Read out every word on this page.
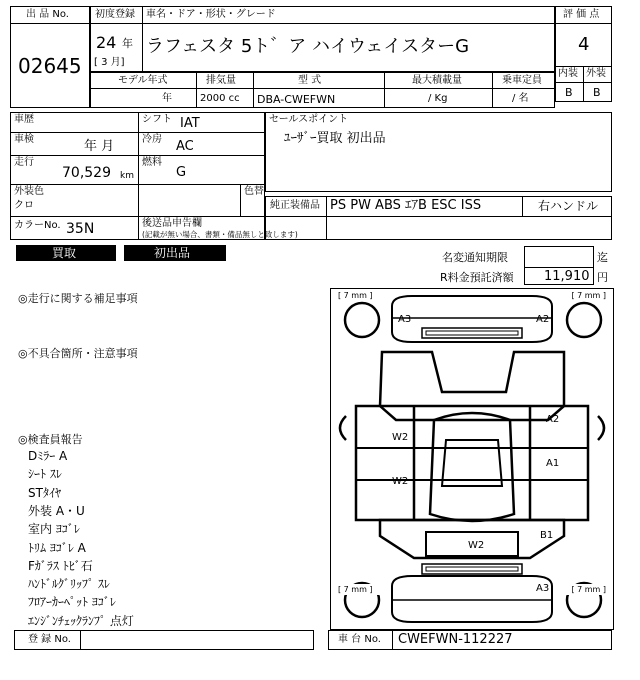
出 品 No.
02645
初度登録 車名・ドア・形状・グレード
24 年
[ 3 月]
ラフェスタ 5ト゛ア ハイウェイスターG
評 価 点
4
内装 外装
B B
モデル年式
年
排気量
2000 cc
型 式
DBA-CWEFWN
最大積載量
/ Kg
乗車定員
/ 名
車歴	シフト IAT
車検	年 月	冷房 AC
走行
70,529 km
燃料
G
外装色
クロ
色替
カラーNo. 35N	後送品申告欄
(記載が無い場合、書類・備品無しと致します)
セールスポイント
ﾕｰｻﾞｰ買取 初出品
純正装備品 PS PW ABS ｴｱB ESC ISS	右ハンドル
買取	初出品	名変通知期限	迄
R料金預託済額 11,910 円
◎走行に関する補足事項
◎不具合箇所・注意事項
◎検査員報告
Dﾐﾗｰ A
ｼｰﾄ ｽﾚ
STﾀｲﾔ
外装 A・U
室内 ﾖｺﾞﾚ
ﾄﾘﾑ ﾖｺﾞﾚ A
Fｶﾞﾗｽ ﾄﾋﾞ石
ﾊﾝﾄﾞﾙｸﾞﾘｯﾌﾟ ｽﾚ
ﾌﾛｱｰｶｰﾍﾟｯﾄ ﾖｺﾞﾚ
ｴﾝｼﾞﾝﾁｪｯｸﾗﾝﾌﾟ 点灯
[ 7 mm ]	[ 7 mm ]
[ 7 mm ]	[ 7 mm ]
A3	A2
A2
W2
A1
W2
B1
W2
A3
登 録 No.	車 台 No. CWEFWN-112227
